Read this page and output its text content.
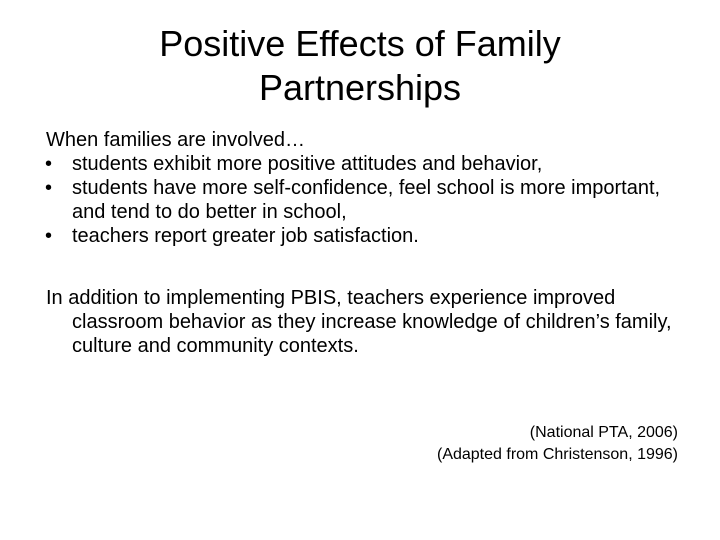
Positive Effects of Family
Partnerships

When families are involved…

• students exhibit more positive attitudes and behavior,
• students have more self-confidence, feel school is more important, and tend to do better in school,
• teachers report greater job satisfaction.

In addition to implementing PBIS, teachers experience improved classroom behavior as they increase knowledge of children’s family, culture and community contexts.

(National PTA, 2006)

(Adapted from Christenson, 1996)
